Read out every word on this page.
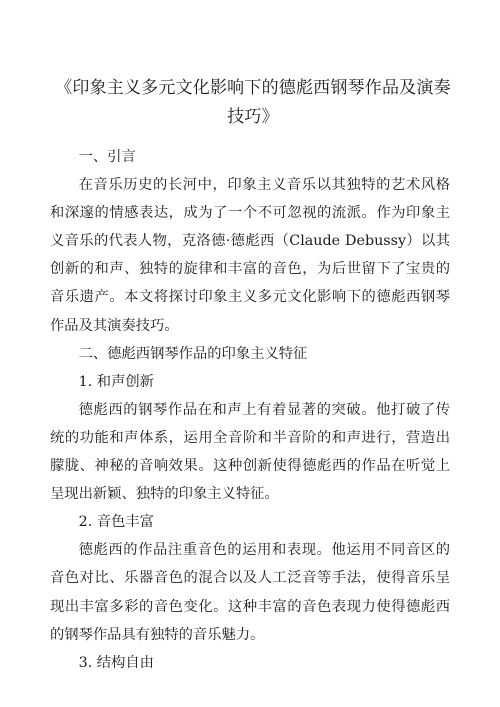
《印象主义多元文化影响下的德彪西钢琴作品及演奏技巧》

一、引言

在音乐历史的长河中，印象主义音乐以其独特的艺术风格和深邃的情感表达，成为了一个不可忽视的流派。作为印象主义音乐的代表人物，克洛德·德彪西（Claude Debussy）以其创新的和声、独特的旋律和丰富的音色，为后世留下了宝贵的音乐遗产。本文将探讨印象主义多元文化影响下的德彪西钢琴作品及其演奏技巧。

二、德彪西钢琴作品的印象主义特征

1. 和声创新

德彪西的钢琴作品在和声上有着显著的突破。他打破了传统的功能和声体系，运用全音阶和半音阶的和声进行，营造出朦胧、神秘的音响效果。这种创新使得德彪西的作品在听觉上呈现出新颖、独特的印象主义特征。

2. 音色丰富

德彪西的作品注重音色的运用和表现。他运用不同音区的音色对比、乐器音色的混合以及人工泛音等手法，使得音乐呈现出丰富多彩的音色变化。这种丰富的音色表现力使得德彪西的钢琴作品具有独特的音乐魅力。

3. 结构自由
